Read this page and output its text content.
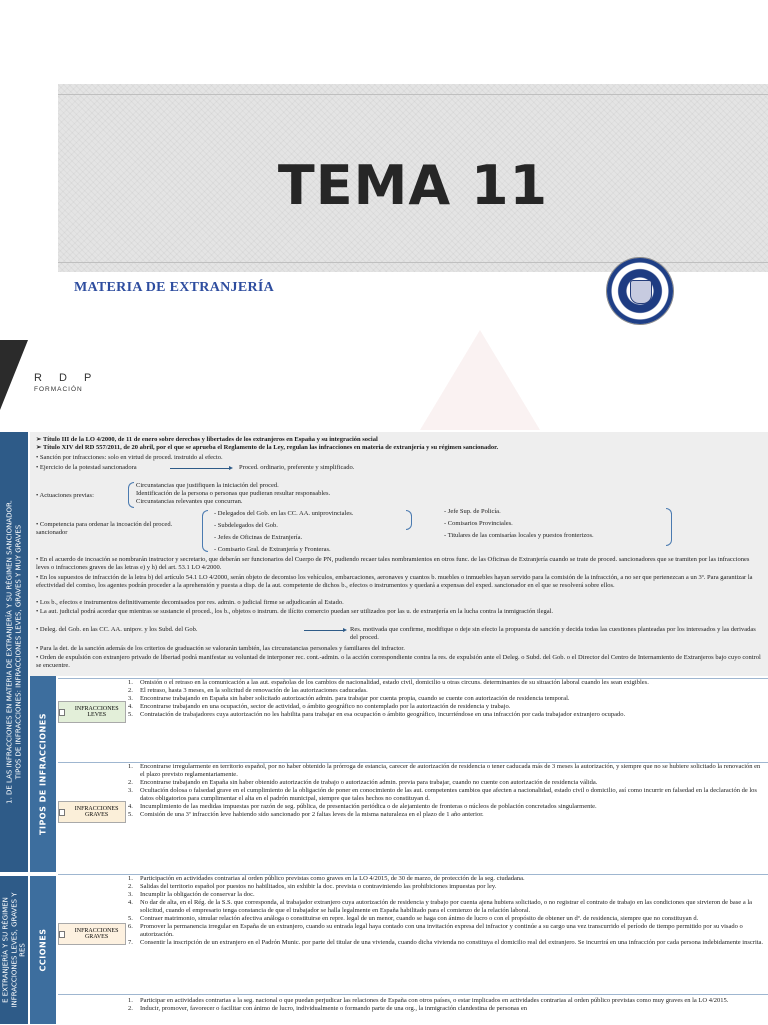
TEMA 11
MATERIA DE EXTRANJERÍA
R D P
FORMACIÓN
1. DE LAS INFRACCIONES EN MATERIA DE EXTRANJERÍA Y SU RÉGIMEN SANCIONADOR. TIPOS DE INFRACCIONES: INFRACCIONES LEVES, GRAVES Y MUY GRAVES
E EXTRANJERÍA Y SU RÉGIMEN INFRACCIONES LEVES, GRAVES Y RES
TIPOS DE INFRACCIONES
CCIONES
➢ Título III de la LO 4/2000, de 11 de enero sobre derechos y libertades de los extranjeros en España y su integración social
➢ Título XIV del RD 557/2011, de 20 abril, por el que se aprueba el Reglamento de la Ley, regulan las infracciones en materia de extranjería y su régimen sancionador.
• Sanción por infracciones: solo en virtud de proced. instruido al efecto.
• Ejercicio de la potestad sancionadora	Proced. ordinario, preferente y simplificado.
• Actuaciones previas:
Circunstancias que justifiquen la iniciación del proced.
Identificación de la persona o personas que pudieran resultar responsables.
Circunstancias relevantes que concurran.
• Competencia para ordenar la incoación del proced. sancionador
- Delegados del Gob. en las CC. AA. uniprovinciales.
- Subdelegados del Gob.
- Jefes de Oficinas de Extranjería.
- Comisario Gral. de Extranjería y Fronteras.
- Jefe Sup. de Policía.
- Comisarios Provinciales.
- Titulares de las comisarías locales y puestos fronterizos.
• En el acuerdo de incoación se nombrarán instructor y secretario, que deberán ser funcionarios del Cuerpo de PN, pudiendo recaer tales nombramientos en otros func. de las Oficinas de Extranjería cuando se trate de proced. sancionadores que se tramiten por las infracciones leves o infracciones graves de las letras e) y h) del art. 53.1 LO 4/2000.
• En los supuestos de infracción de la letra b) del artículo 54.1 LO 4/2000, serán objeto de decomiso los vehículos, embarcaciones, aeronaves y cuantos b. muebles o inmuebles hayan servido para la comisión de la infracción, a no ser que pertenezcan a un 3º. Para garantizar la efectividad del comiso, los agentes podrán proceder a la aprehensión y puesta a disp. de la aut. competente de dichos b., efectos o instrumentos y quedará a expensas del exped. sancionador en el que se resolverá sobre ellos.
• Los b., efectos e instrumentos definitivamente decomisados por res. admin. o judicial firme se adjudicarán al Estado.
• La aut. judicial podrá acordar que mientras se sustancie el proced., los b., objetos o instrum. de ilícito comercio puedan ser utilizados por las u. de extranjería en la lucha contra la inmigración ilegal.
• Deleg. del Gob. en las CC. AA. unipov. y los Subd. del Gob.	Res. motivada que confirme, modifique o deje sin efecto la propuesta de sanción y decida todas las cuestiones planteadas por los interesados y las derivadas del proced.
• Para la det. de la sanción además de los criterios de graduación se valorarán también, las circunstancias personales y familiares del infractor.
• Orden de expulsión con extranjero privado de libertad podrá manifestar su voluntad de interponer rec. cont.-admin. o la acción correspondiente contra la res. de expulsión ante el Deleg. o Subd. del Gob. o el Director del Centro de Internamiento de Extranjeros bajo cuyo control se encuentre.
INFRACCIONES LEVES
1. Omisión o el retraso en la comunicación a las aut. españolas de los cambios de nacionalidad, estado civil, domicilio u otras circuns. determinantes de su situación laboral cuando les sean exigibles.
2. El retraso, hasta 3 meses, en la solicitud de renovación de las autorizaciones caducadas.
3. Encontrarse trabajando en España sin haber solicitado autorización admin. para trabajar por cuenta propia, cuando se cuente con autorización de residencia temporal.
4. Encontrarse trabajando en una ocupación, sector de actividad, o ámbito geográfico no contemplado por la autorización de residencia y trabajo.
5. Contratación de trabajadores cuya autorización no les habilita para trabajar en esa ocupación o ámbito geográfico, incurriéndose en una infracción por cada trabajador extranjero ocupado.
INFRACCIONES GRAVES
1. Encontrarse irregularmente en territorio español, por no haber obtenido la prórroga de estancia, carecer de autorización de residencia o tener caducada más de 3 meses la autorización, y siempre que no se hubiere solicitado la renovación en el plazo previsto reglamentariamente.
2. Encontrarse trabajando en España sin haber obtenido autorización de trabajo o autorización admin. previa para trabajar, cuando no cuente con autorización de residencia válida.
3. Ocultación dolosa o falsedad grave en el cumplimiento de la obligación de poner en conocimiento de las aut. competentes cambios que afecten a nacionalidad, estado civil o domicilio, así como incurrir en falsedad en la declaración de los datos obligatorios para cumplimentar el alta en el padrón municipal, siempre que tales hechos no constituyan d.
4. Incumplimiento de las medidas impuestas por razón de seg. pública, de presentación periódica o de alejamiento de fronteras o núcleos de población concretados singularmente.
5. Comisión de una 3ª infracción leve habiendo sido sancionado por 2 faltas leves de la misma naturaleza en el plazo de 1 año anterior.
INFRACCIONES GRAVES
1. Participación en actividades contrarias al orden público previstas como graves en la LO 4/2015, de 30 de marzo, de protección de la seg. ciudadana.
2. Salidas del territorio español por puestos no habilitados, sin exhibir la doc. prevista o contraviniendo las prohibiciones impuestas por ley.
3. Incumplir la obligación de conservar la doc.
4. No dar de alta, en el Rég. de la S.S. que corresponda, al trabajador extranjero cuya autorización de residencia y trabajo por cuenta ajena hubiera solicitado, o no registrar el contrato de trabajo en las condiciones que sirvieron de base a la solicitud, cuando el empresario tenga constancia de que el trabajador se halla legalmente en España habilitado para el comienzo de la relación laboral.
5. Contraer matrimonio, simular relación afectiva análoga o constituirse en repre. legal de un menor, cuando se haga con ánimo de lucro o con el propósito de obtener un dº. de residencia, siempre que no constituyan d.
6. Promover la permanencia irregular en España de un extranjero, cuando su entrada legal haya contado con una invitación expresa del infractor y continúe a su cargo una vez transcurrido el período de tiempo permitido por su visado o autorización.
7. Consentir la inscripción de un extranjero en el Padrón Munic. por parte del titular de una vivienda, cuando dicha vivienda no constituya el domicilio real del extranjero. Se incurrirá en una infracción por cada persona indebidamente inscrita.
1. Participar en actividades contrarias a la seg. nacional o que puedan perjudicar las relaciones de España con otros países, o estar implicados en actividades contrarias al orden público previstas como muy graves en la LO 4/2015.
2. Inducir, promover, favorecer o facilitar con ánimo de lucro, individualmente o formando parte de una org., la inmigración clandestina de personas en
